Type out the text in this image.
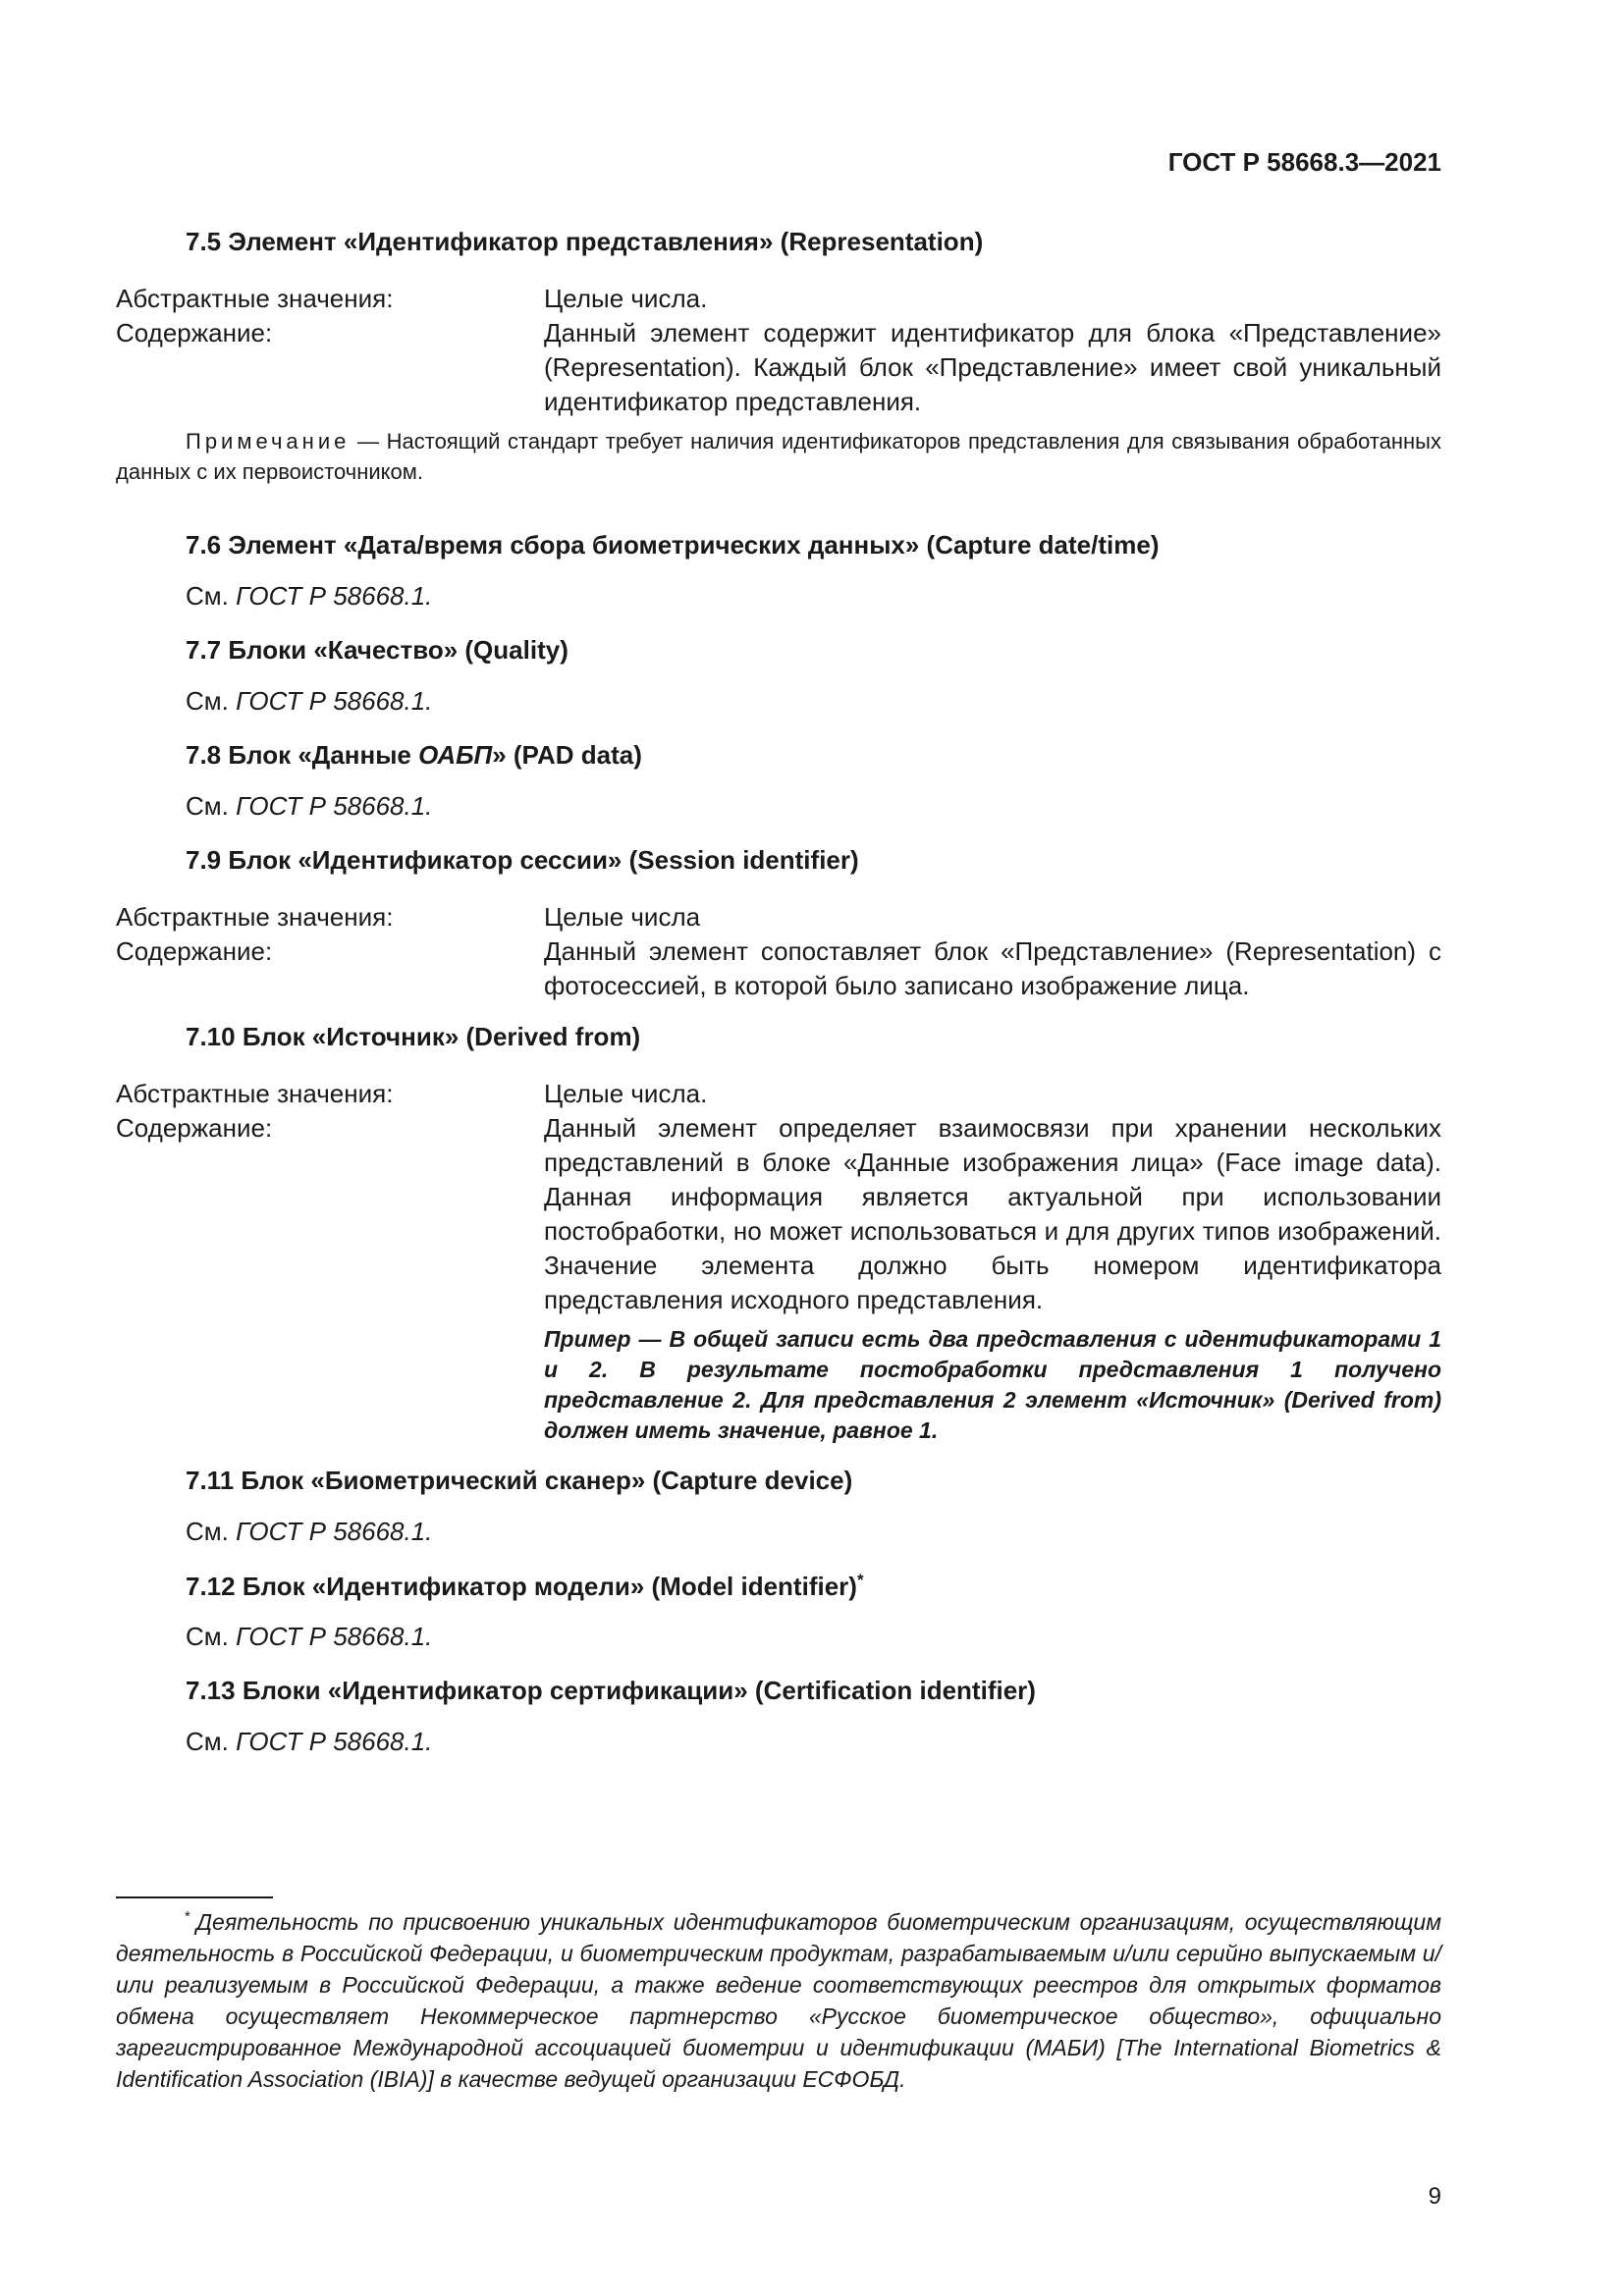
ГОСТ Р 58668.3—2021
7.5 Элемент «Идентификатор представления» (Representation)
Абстрактные значения:	Целые числа.
Содержание:	Данный элемент содержит идентификатор для блока «Представление» (Representation). Каждый блок «Представление» имеет свой уникальный идентификатор представления.
Примечание — Настоящий стандарт требует наличия идентификаторов представления для связывания обработанных данных с их первоисточником.
7.6 Элемент «Дата/время сбора биометрических данных» (Capture date/time)
См. ГОСТ Р 58668.1.
7.7 Блоки «Качество» (Quality)
См. ГОСТ Р 58668.1.
7.8 Блок «Данные ОАБП» (PAD data)
См. ГОСТ Р 58668.1.
7.9 Блок «Идентификатор сессии» (Session identifier)
Абстрактные значения:	Целые числа
Содержание:	Данный элемент сопоставляет блок «Представление» (Representation) с фотосессией, в которой было записано изображение лица.
7.10 Блок «Источник» (Derived from)
Абстрактные значения:	Целые числа.
Содержание:	Данный элемент определяет взаимосвязи при хранении нескольких представлений в блоке «Данные изображения лица» (Face image data). Данная информация является актуальной при использовании постобработки, но может использоваться и для других типов изображений. Значение элемента должно быть номером идентификатора представления исходного представления.
Пример — В общей записи есть два представления с идентификаторами 1 и 2. В результате постобработки представления 1 получено представление 2. Для представления 2 элемент «Источник» (Derived from) должен иметь значение, равное 1.
7.11 Блок «Биометрический сканер» (Capture device)
См. ГОСТ Р 58668.1.
7.12 Блок «Идентификатор модели» (Model identifier)*
См. ГОСТ Р 58668.1.
7.13 Блоки «Идентификатор сертификации» (Certification identifier)
См. ГОСТ Р 58668.1.
* Деятельность по присвоению уникальных идентификаторов биометрическим организациям, осуществляющим деятельность в Российской Федерации, и биометрическим продуктам, разрабатываемым и/или серийно выпускаемым и/или реализуемым в Российской Федерации, а также ведение соответствующих реестров для открытых форматов обмена осуществляет Некоммерческое партнерство «Русское биометрическое общество», официально зарегистрированное Международной ассоциацией биометрии и идентификации (МАБИ) [The International Biometrics & Identification Association (IBIA)] в качестве ведущей организации ЕСФОБД.
9
